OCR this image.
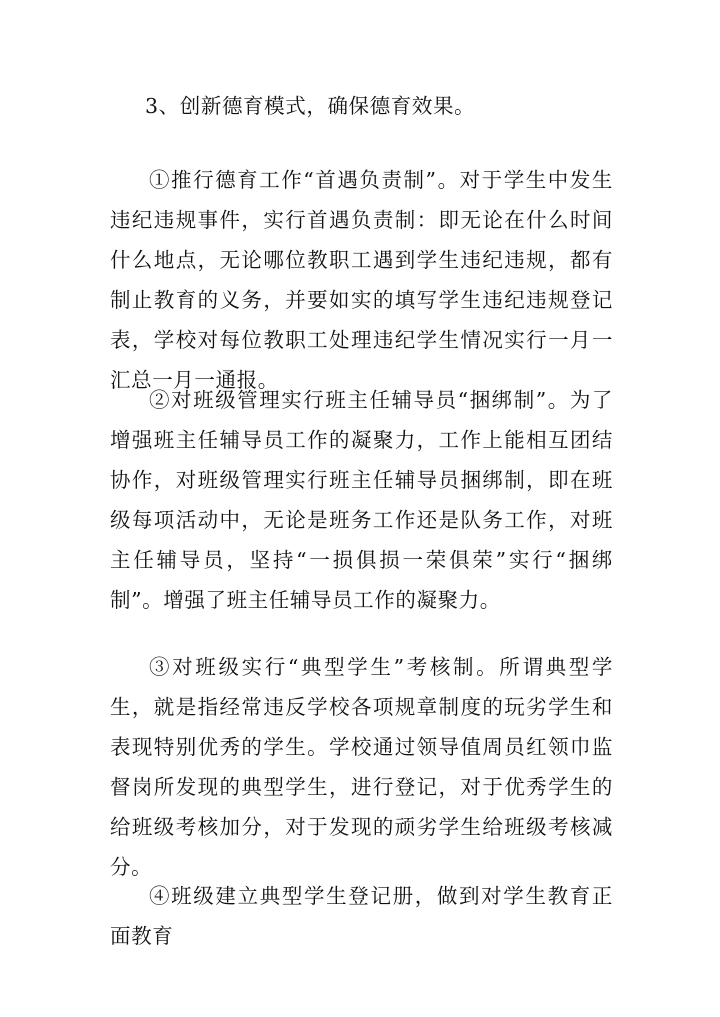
3、创新德育模式，确保德育效果。
①推行德育工作“首遇负责制”。对于学生中发生违纪违规事件，实行首遇负责制：即无论在什么时间什么地点，无论哪位教职工遇到学生违纪违规，都有制止教育的义务，并要如实的填写学生违纪违规登记表，学校对每位教职工处理违纪学生情况实行一月一汇总一月一通报。
②对班级管理实行班主任辅导员“捆绑制”。为了增强班主任辅导员工作的凝聚力，工作上能相互团结协作，对班级管理实行班主任辅导员捆绑制，即在班级每项活动中，无论是班务工作还是队务工作，对班主任辅导员，坚持“一损俱损一荣俱荣”实行“捆绑制”。增强了班主任辅导员工作的凝聚力。
③对班级实行“典型学生”考核制。所谓典型学生，就是指经常违反学校各项规章制度的玩劣学生和表现特别优秀的学生。学校通过领导值周员红领巾监督岗所发现的典型学生，进行登记，对于优秀学生的给班级考核加分，对于发现的顽劣学生给班级考核减分。
④班级建立典型学生登记册，做到对学生教育正面教育
